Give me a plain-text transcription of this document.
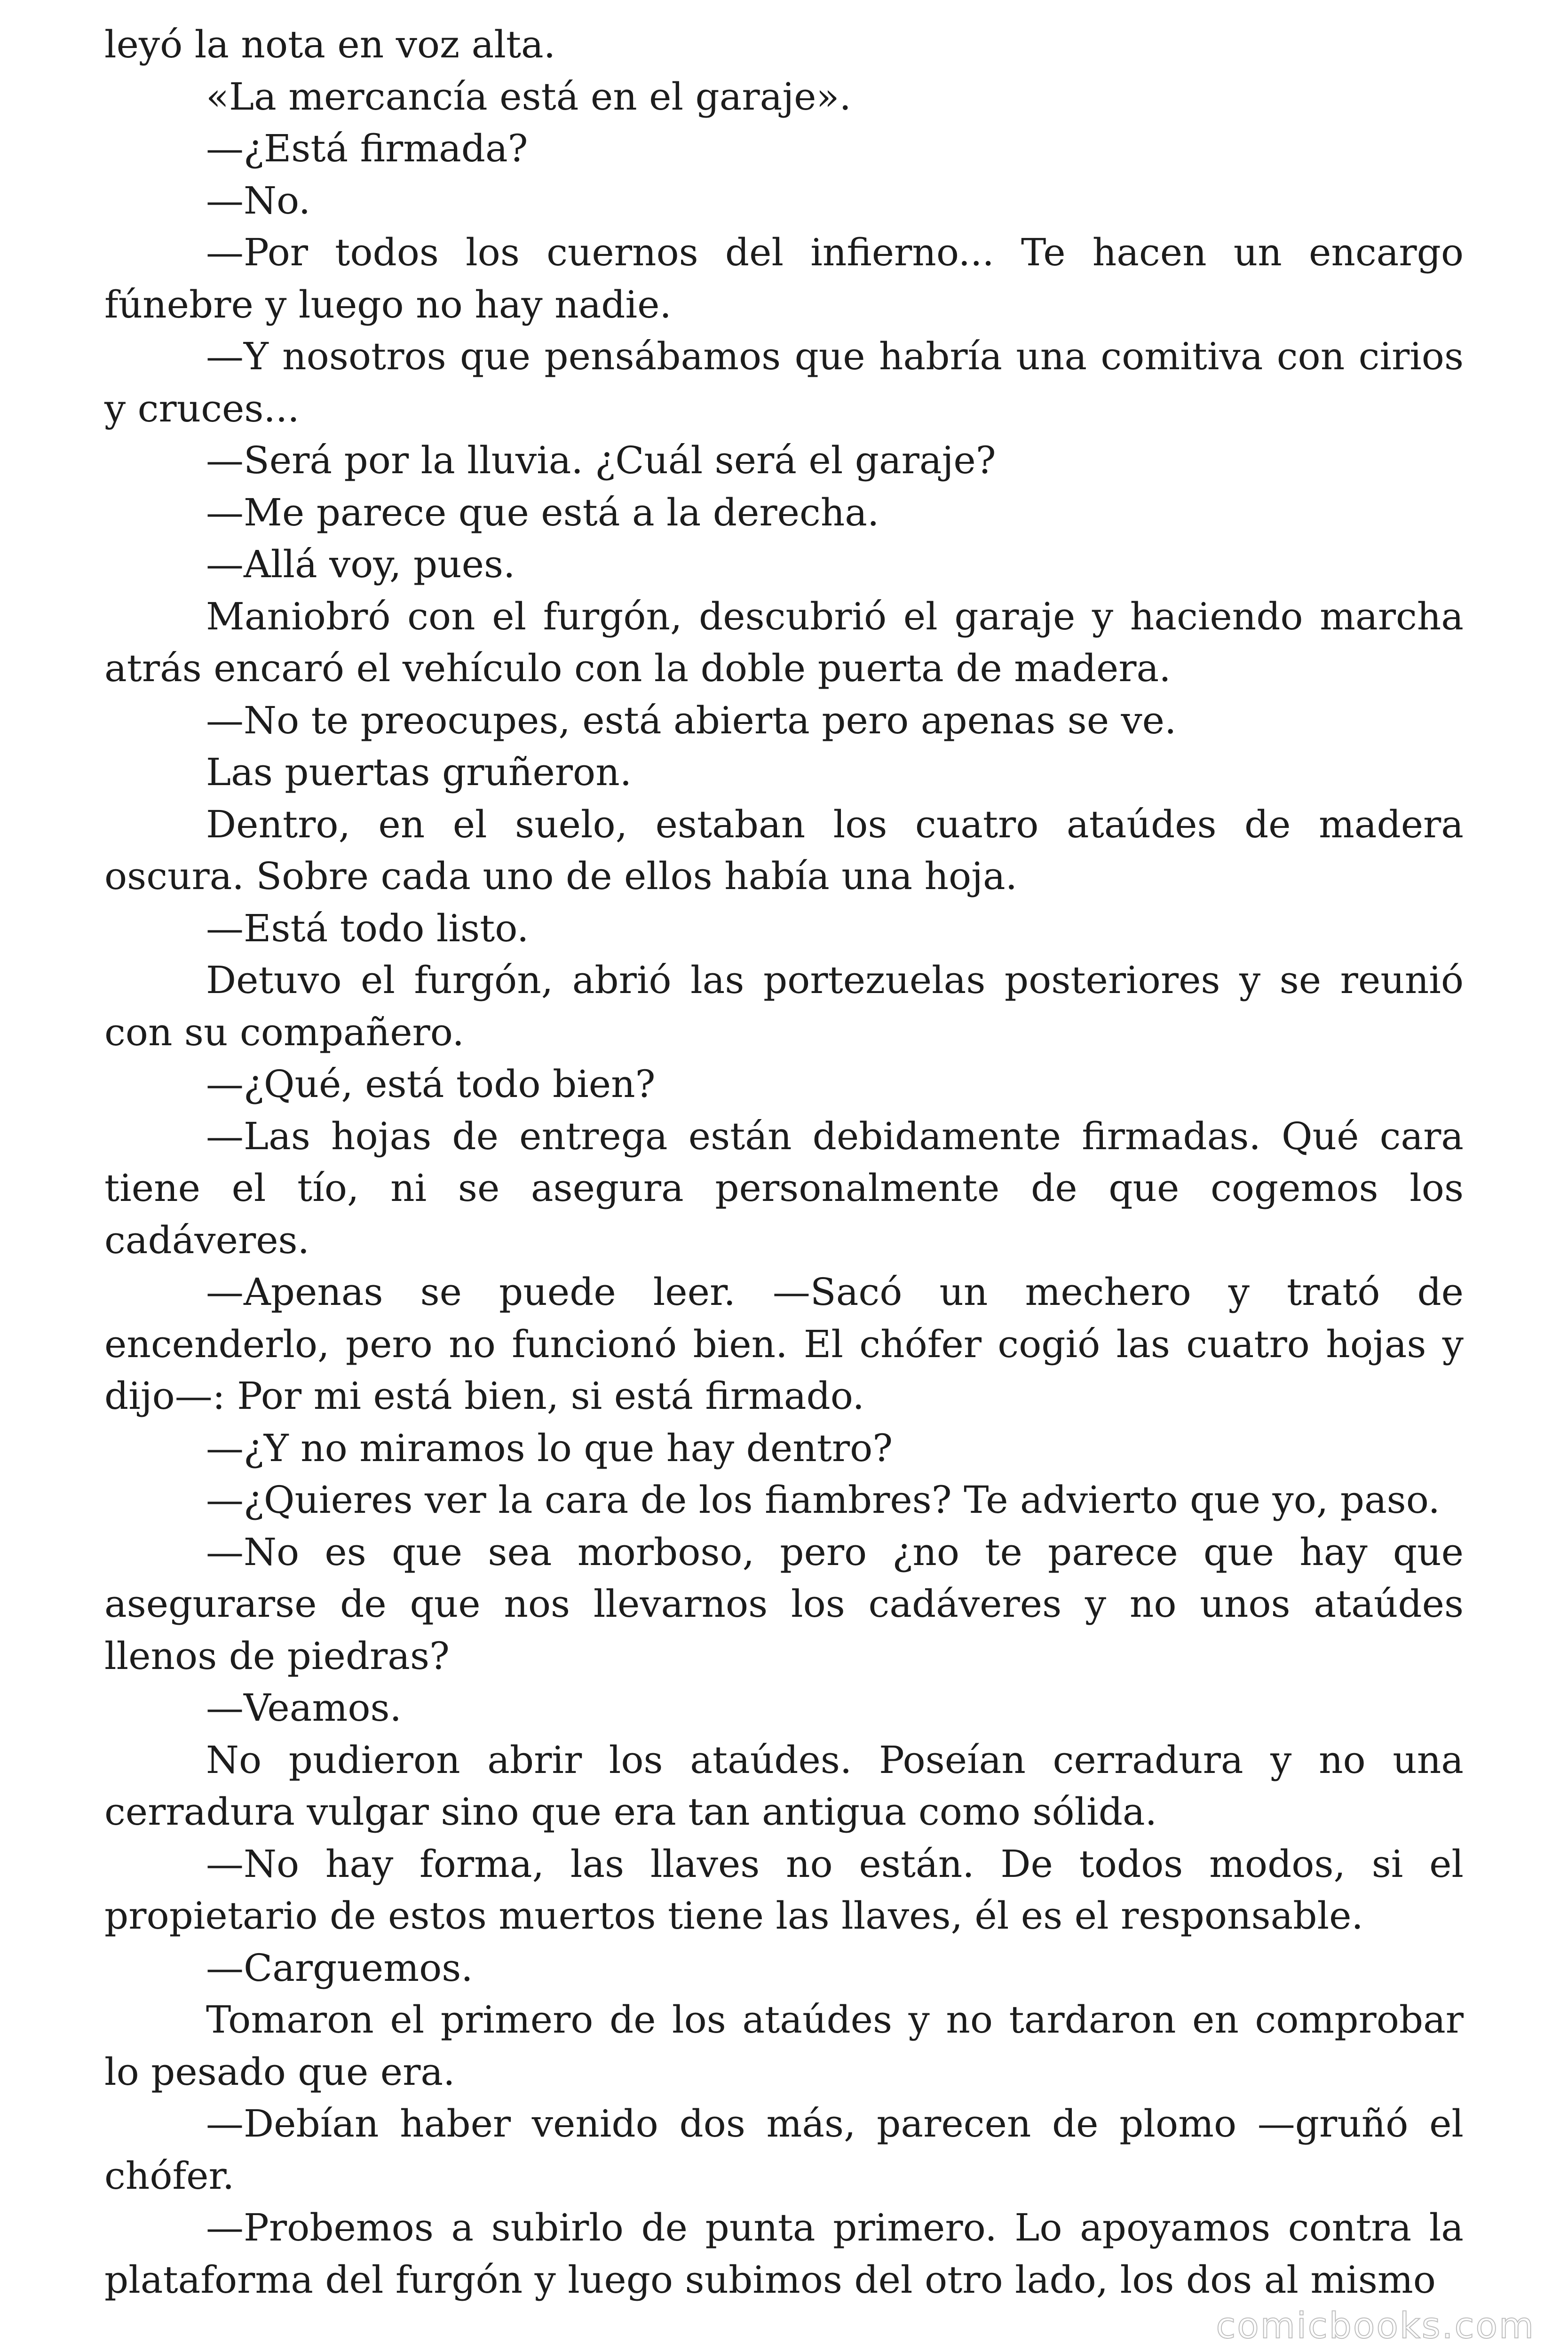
leyó la nota en voz alta.

«La mercancía está en el garaje».

—¿Está firmada?

—No.

—Por todos los cuernos del infierno... Te hacen un encargo fúnebre y luego no hay nadie.

—Y nosotros que pensábamos que habría una comitiva con cirios y cruces...

—Será por la lluvia. ¿Cuál será el garaje?

—Me parece que está a la derecha.

—Allá voy, pues.

Maniobró con el furgón, descubrió el garaje y haciendo marcha atrás encaró el vehículo con la doble puerta de madera.

—No te preocupes, está abierta pero apenas se ve.

Las puertas gruñeron.

Dentro, en el suelo, estaban los cuatro ataúdes de madera oscura. Sobre cada uno de ellos había una hoja.

—Está todo listo.

Detuvo el furgón, abrió las portezuelas posteriores y se reunió con su compañero.

—¿Qué, está todo bien?

—Las hojas de entrega están debidamente firmadas. Qué cara tiene el tío, ni se asegura personalmente de que cogemos los cadáveres.

—Apenas se puede leer. —Sacó un mechero y trató de encenderlo, pero no funcionó bien. El chófer cogió las cuatro hojas y dijo—: Por mi está bien, si está firmado.

—¿Y no miramos lo que hay dentro?

—¿Quieres ver la cara de los fiambres? Te advierto que yo, paso.

—No es que sea morboso, pero ¿no te parece que hay que asegurarse de que nos llevarnos los cadáveres y no unos ataúdes llenos de piedras?

—Veamos.

No pudieron abrir los ataúdes. Poseían cerradura y no una cerradura vulgar sino que era tan antigua como sólida.

—No hay forma, las llaves no están. De todos modos, si el propietario de estos muertos tiene las llaves, él es el responsable.

—Carguemos.

Tomaron el primero de los ataúdes y no tardaron en comprobar lo pesado que era.

—Debían haber venido dos más, parecen de plomo —gruñó el chófer.

—Probemos a subirlo de punta primero. Lo apoyamos contra la plataforma del furgón y luego subimos del otro lado, los dos al mismo

comicbooks.com
